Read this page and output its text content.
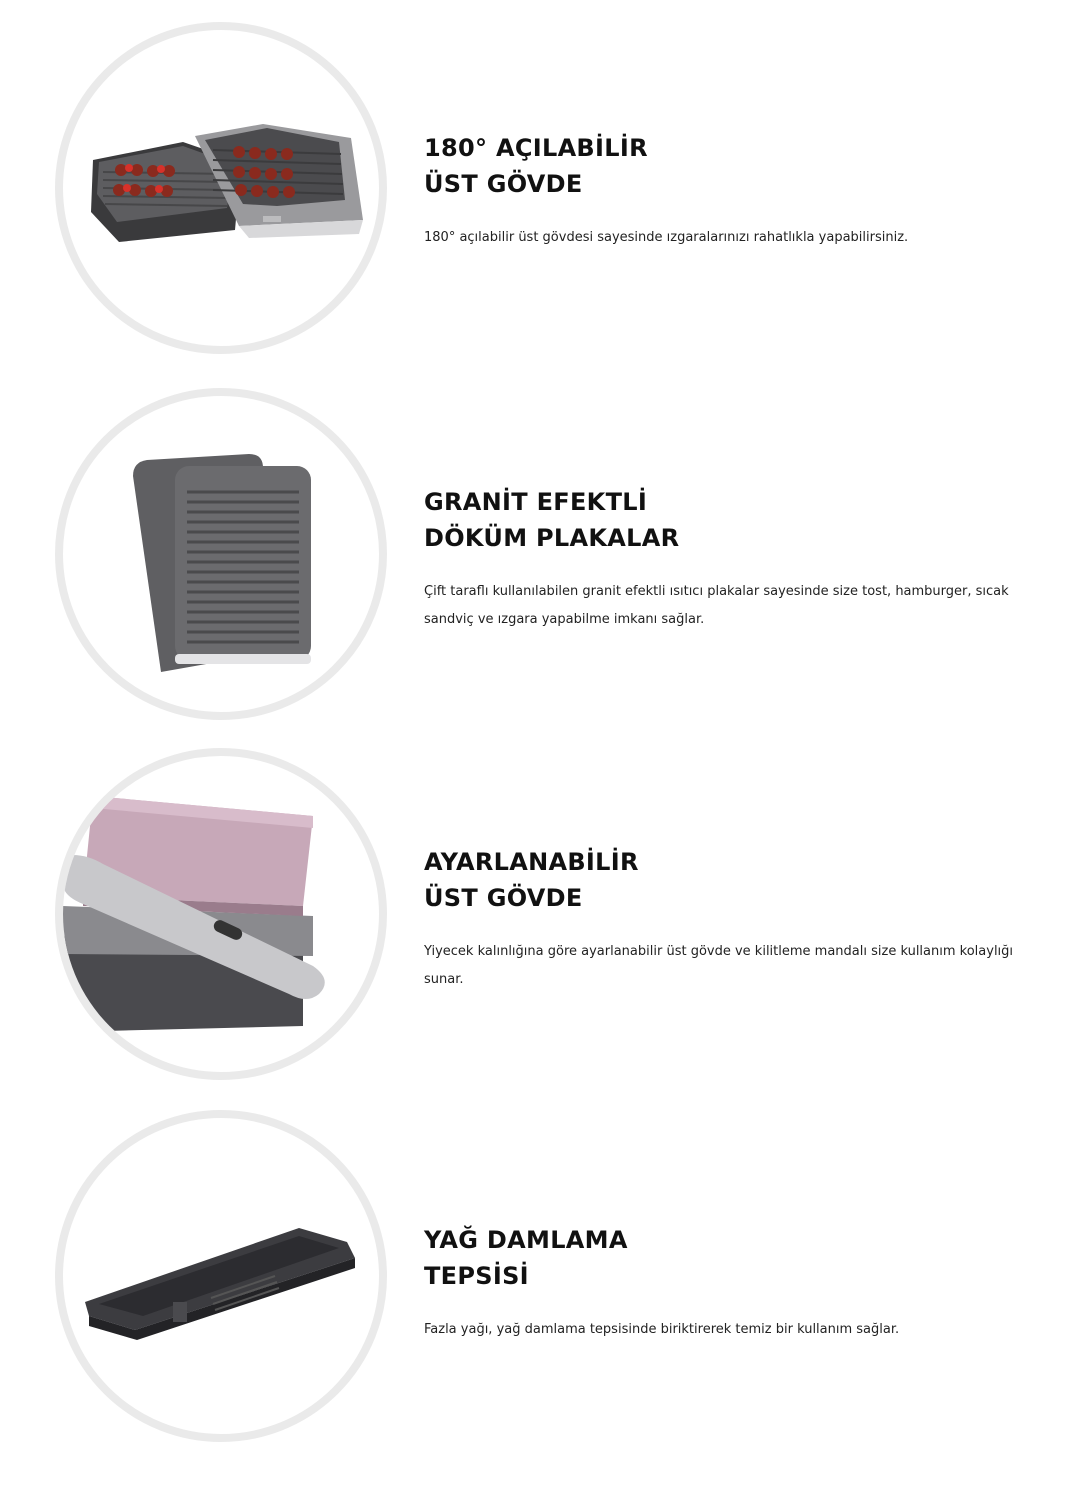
180° AÇILABİLİR
ÜST GÖVDE

180° açılabilir üst gövdesi sayesinde ızgaralarınızı rahatlıkla yapabilirsiniz.

GRANİT EFEKTLİ
DÖKÜM PLAKALAR

Çift taraflı kullanılabilen granit efektli ısıtıcı plakalar sayesinde size tost, hamburger, sıcak sandviç ve ızgara yapabilme imkanı sağlar.

AYARLANABİLİR
ÜST GÖVDE

Yiyecek kalınlığına göre ayarlanabilir üst gövde ve kilitleme mandalı size kullanım kolaylığı sunar.

YAĞ DAMLAMA
TEPSİSİ

Fazla yağı, yağ damlama tepsisinde biriktirerek temiz bir kullanım sağlar.
